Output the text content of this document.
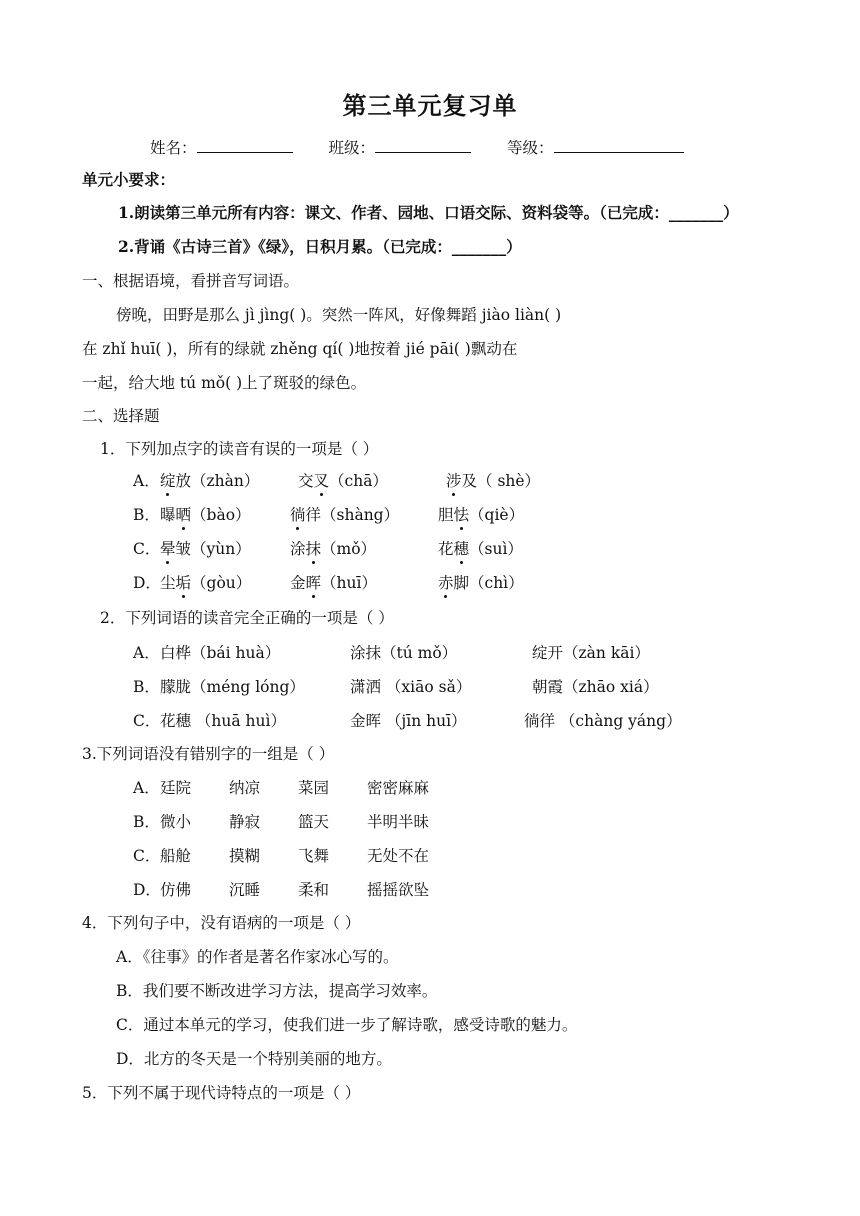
第三单元复习单
姓名：	班级：	等级：
单元小要求：
1.朗读第三单元所有内容：课文、作者、园地、口语交际、资料袋等。（已完成：_______）
2.背诵《古诗三首》《绿》，日积月累。（已完成：_______）
一、根据语境，看拼音写词语。
傍晚，田野是那么 jì jìng( )。突然一阵风，好像舞蹈 jiào liàn( )
在 zhǐ huī( )，所有的绿就 zhěng qí( )地按着 jié pāi( )飘动在
一起，给大地 tú mǒ( )上了斑驳的绿色。
二、选择题
1．下列加点字的读音有误的一项是（ ）
A． 绽放（zhàn） 交叉（chā）	涉及（ shè）
B． 曝晒（bào）	徜徉（shàng）	胆怯（qiè）
C． 晕皱（yùn）	涂抹（mǒ）	花穗（suì）
D． 尘垢（gòu） 金晖（huī）	赤脚（chì）
2．下列词语的读音完全正确的一项是（ ）
A． 白桦（bái huà）	涂抹（tú mǒ）	绽开（zàn kāi）
B． 朦胧（méng lóng）	潇洒 （xiāo sǎ）	朝霞（zhāo xiá）
C． 花穗 （huā huì）	金晖 （jīn huī）	徜徉 （chàng yáng）
3.下列词语没有错别字的一组是（ ）
A． 廷院 纳凉 菜园 密密麻麻
B． 微小 静寂 篮天 半明半昧
C． 船舱 摸糊 飞舞 无处不在
D． 仿佛 沉睡 柔和 摇摇欲坠
4．下列句子中，没有语病的一项是（ ）
A．《往事》的作者是著名作家冰心写的。
B．我们要不断改进学习方法，提高学习效率。
C．通过本单元的学习，使我们进一步了解诗歌，感受诗歌的魅力。
D．北方的冬天是一个特别美丽的地方。
5．下列不属于现代诗特点的一项是（ ）
